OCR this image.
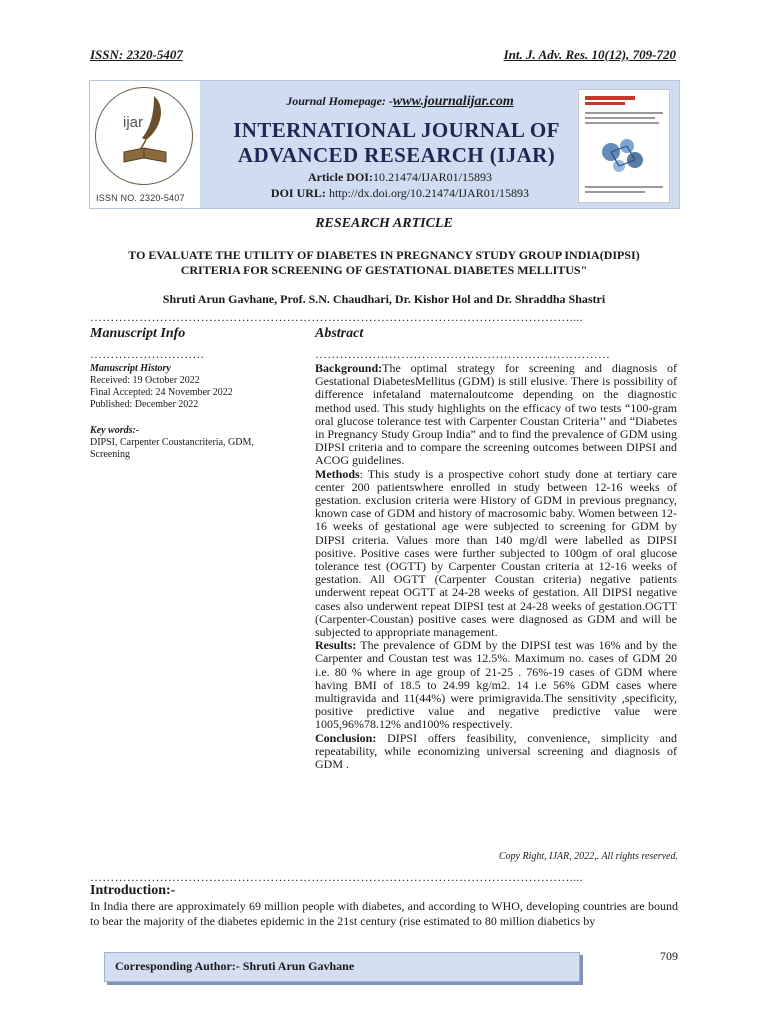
ISSN: 2320-5407	Int. J. Adv. Res. 10(12), 709-720
ijar
ISSN NO. 2320-5407
Journal Homepage: -www.journalijar.com
INTERNATIONAL JOURNAL OF
ADVANCED RESEARCH (IJAR)
Article DOI:10.21474/IJAR01/15893
DOI URL: http://dx.doi.org/10.21474/IJAR01/15893
RESEARCH ARTICLE
TO EVALUATE THE UTILITY OF DIABETES IN PREGNANCY STUDY GROUP INDIA(DIPSI)
CRITERIA FOR SCREENING OF GESTATIONAL DIABETES MELLITUS"
Shruti Arun Gavhane, Prof. S.N. Chaudhari, Dr. Kishor Hol and Dr. Shraddha Shastri
………………………………………………………………………………………………………....
Manuscript Info
……………………….
Manuscript History
Received: 19 October 2022
Final Accepted: 24 November 2022
Published: December 2022
Key words:-
DIPSI, Carpenter Coustancriteria, GDM, Screening
Abstract
………………………………………………………………

Background:The optimal strategy for screening and diagnosis of Gestational DiabetesMellitus (GDM) is still elusive. There is possibility of difference infetaland maternaloutcome depending on the diagnostic method used. This study highlights on the efficacy of two tests “100-gram oral glucose tolerance test with Carpenter Coustan Criteria’’ and “Diabetes in Pregnancy Study Group India” and to find the prevalence of GDM using DIPSI criteria and to compare the screening outcomes between DIPSI and ACOG guidelines.

Methods: This study is a prospective cohort study done at tertiary care center 200 patientswhere enrolled in study between 12-16 weeks of gestation. exclusion criteria were History of GDM in previous pregnancy, known case of GDM and history of macrosomic baby. Women between 12-16 weeks of gestational age were subjected to screening for GDM by DIPSI criteria. Values more than 140 mg/dl were labelled as DIPSI positive. Positive cases were further subjected to 100gm of oral glucose tolerance test (OGTT) by Carpenter Coustan criteria at 12-16 weeks of gestation. All OGTT (Carpenter Coustan criteria) negative patients underwent repeat OGTT at 24-28 weeks of gestation. All DIPSI negative cases also underwent repeat DIPSI test at 24-28 weeks of gestation.OGTT (Carpenter-Coustan) positive cases were diagnosed as GDM and will be subjected to appropriate management.

Results: The prevalence of GDM by the DIPSI test was 16% and by the Carpenter and Coustan test was 12.5%. Maximum no. cases of GDM 20 i.e. 80 % where in age group of 21-25 . 76%-19 cases of GDM where having BMI of 18.5 to 24.99 kg/m2. 14 i.e 56% GDM cases where multigravida and 11(44%) were primigravida.The sensitivity ,specificity, positive predictive value and negative predictive value were 1005,96%78.12% and100% respectively.

Conclusion: DIPSI offers feasibility, convenience, simplicity and repeatability, while economizing universal screening and diagnosis of GDM .

Copy Right, IJAR, 2022,. All rights reserved.
………………………………………………………………………………………………………....
Introduction:-
In India there are approximately 69 million people with diabetes, and according to WHO, developing countries are bound to bear the majority of the diabetes epidemic in the 21st century (rise estimated to 80 million diabetics by
709
Corresponding Author:- Shruti Arun Gavhane
